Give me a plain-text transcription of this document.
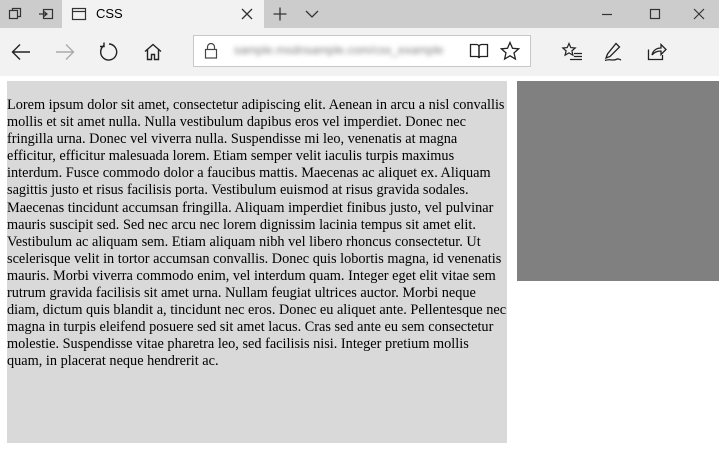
CSS
sample.msdnsample.com/css_example

Lorem ipsum dolor sit amet, consectetur adipiscing elit. Aenean in arcu a nisl convallis mollis et sit amet nulla. Nulla vestibulum dapibus eros vel imperdiet. Donec nec fringilla urna. Donec vel viverra nulla. Suspendisse mi leo, venenatis at magna efficitur, efficitur malesuada lorem. Etiam semper velit iaculis turpis maximus interdum. Fusce commodo dolor a faucibus mattis. Maecenas ac aliquet ex. Aliquam sagittis justo et risus facilisis porta. Vestibulum euismod at risus gravida sodales. Maecenas tincidunt accumsan fringilla. Aliquam imperdiet finibus justo, vel pulvinar mauris suscipit sed. Sed nec arcu nec lorem dignissim lacinia tempus sit amet elit. Vestibulum ac aliquam sem. Etiam aliquam nibh vel libero rhoncus consectetur. Ut scelerisque velit in tortor accumsan convallis. Donec quis lobortis magna, id venenatis mauris. Morbi viverra commodo enim, vel interdum quam. Integer eget elit vitae sem rutrum gravida facilisis sit amet urna. Nullam feugiat ultrices auctor. Morbi neque diam, dictum quis blandit a, tincidunt nec eros. Donec eu aliquet ante. Pellentesque nec magna in turpis eleifend posuere sed sit amet lacus. Cras sed ante eu sem consectetur molestie. Suspendisse vitae pharetra leo, sed facilisis nisi. Integer pretium mollis quam, in placerat neque hendrerit ac.
